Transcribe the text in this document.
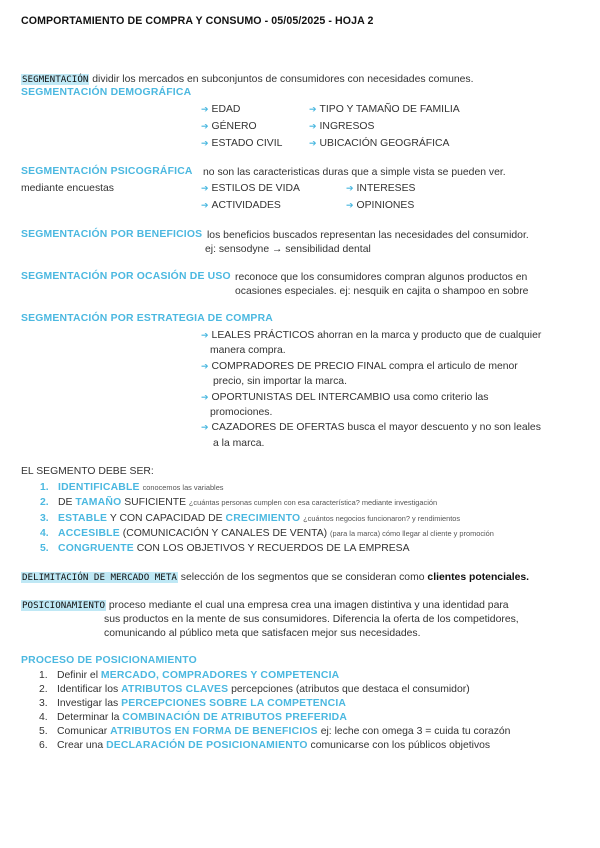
COMPORTAMIENTO DE COMPRA Y CONSUMO - 05/05/2025 - HOJA 2
SEGMENTACIÓN dividir los mercados en subconjuntos de consumidores con necesidades comunes.
SEGMENTACIÓN DEMOGRÁFICA
➔ EDAD
➔ GÉNERO
➔ ESTADO CIVIL
➔ TIPO Y TAMAÑO DE FAMILIA
➔ INGRESOS
➔ UBICACIÓN GEOGRÁFICA
SEGMENTACIÓN PSICOGRÁFICA no son las caracteristicas duras que a simple vista se pueden ver.
mediante encuestas	➔ ESTILOS DE VIDA
➔ ACTIVIDADES
➔ INTERESES
➔ OPINIONES
SEGMENTACIÓN POR BENEFICIOS los beneficios buscados representan las necesidades del consumidor.
ej: sensodyne → sensibilidad dental
SEGMENTACIÓN POR OCASIÓN DE USO reconoce que los consumidores compran algunos productos en
ocasiones especiales. ej: nesquik en cajita o shampoo en sobre
SEGMENTACIÓN POR ESTRATEGIA DE COMPRA
➔ LEALES PRÁCTICOS ahorran en la marca y producto que de cualquier
manera compra.
➔ COMPRADORES DE PRECIO FINAL compra el articulo de menor
precio, sin importar la marca.
➔ OPORTUNISTAS DEL INTERCAMBIO usa como criterio las
promociones.
➔ CAZADORES DE OFERTAS busca el mayor descuento y no son leales
a la marca.
EL SEGMENTO DEBE SER:
1. IDENTIFICABLE conocemos las variables
2. DE TAMAÑO SUFICIENTE ¿cuántas personas cumplen con esa característica? mediante investigación
3. ESTABLE Y CON CAPACIDAD DE CRECIMIENTO ¿cuántos negocios funcionaron? y rendimientos
4. ACCESIBLE (COMUNICACIÓN Y CANALES DE VENTA) (para la marca) cómo llegar al cliente y promoción
5. CONGRUENTE CON LOS OBJETIVOS Y RECUERDOS DE LA EMPRESA
DELIMITACIÓN DE MERCADO META selección de los segmentos que se consideran como clientes potenciales.
POSICIONAMIENTO proceso mediante el cual una empresa crea una imagen distintiva y una identidad para
sus productos en la mente de sus consumidores. Diferencia la oferta de los competidores,
comunicando al público meta que satisfacen mejor sus necesidades.
PROCESO DE POSICIONAMIENTO
1. Definir el MERCADO, COMPRADORES Y COMPETENCIA
2. Identificar los ATRIBUTOS CLAVES percepciones (atributos que destaca el consumidor)
3. Investigar las PERCEPCIONES SOBRE LA COMPETENCIA
4. Determinar la COMBINACIÓN DE ATRIBUTOS PREFERIDA
5. Comunicar ATRIBUTOS EN FORMA DE BENEFICIOS ej: leche con omega 3 = cuida tu corazón
6. Crear una DECLARACIÓN DE POSICIONAMIENTO comunicarse con los públicos objetivos
